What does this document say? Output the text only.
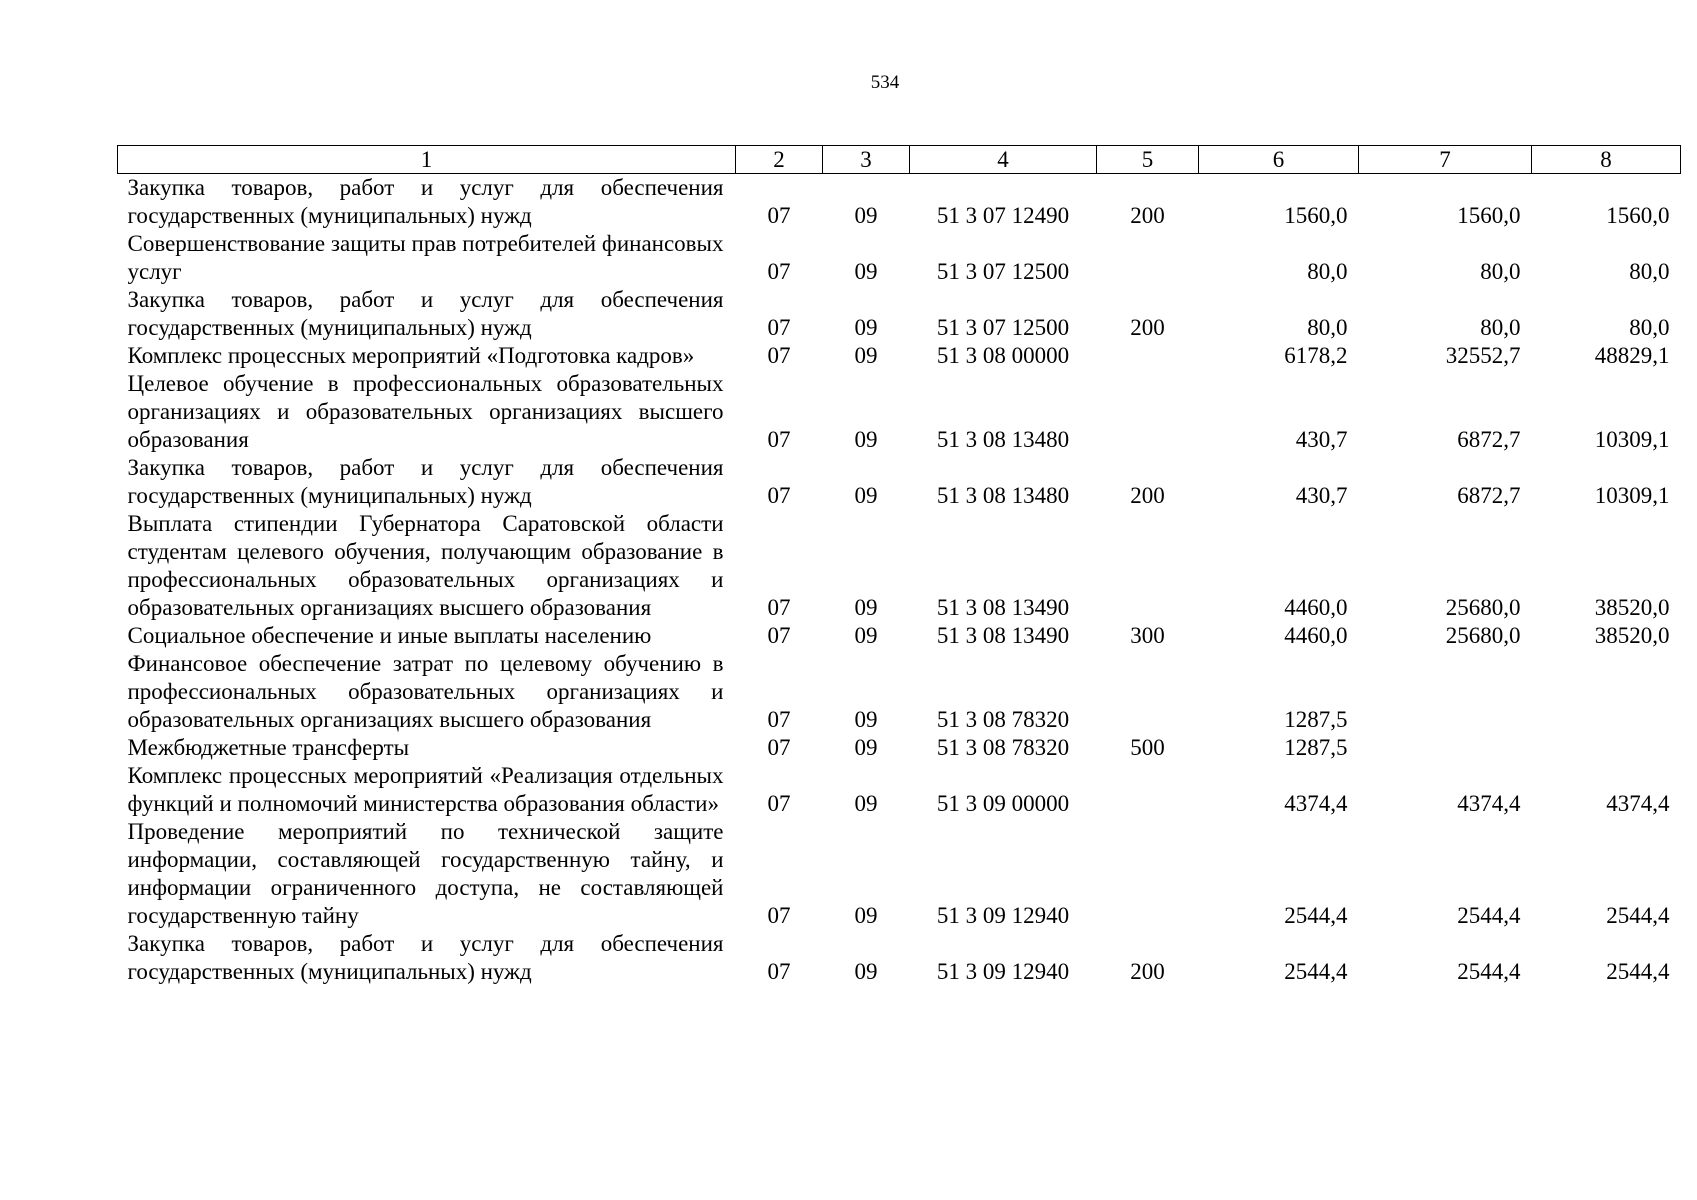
534
1	2	3	4	5	6	7	8
Закупка товаров, работ и услуг для обеспечения государственных (муниципальных) нужд	07	09	51 3 07 12490	200	1560,0	1560,0	1560,0
Совершенствование защиты прав потребителей финансовых услуг	07	09	51 3 07 12500		80,0	80,0	80,0
Закупка товаров, работ и услуг для обеспечения государственных (муниципальных) нужд	07	09	51 3 07 12500	200	80,0	80,0	80,0
Комплекс процессных мероприятий «Подготовка кадров»	07	09	51 3 08 00000		6178,2	32552,7	48829,1
Целевое обучение в профессиональных образовательных организациях и образовательных организациях высшего образования	07	09	51 3 08 13480		430,7	6872,7	10309,1
Закупка товаров, работ и услуг для обеспечения государственных (муниципальных) нужд	07	09	51 3 08 13480	200	430,7	6872,7	10309,1
Выплата стипендии Губернатора Саратовской области студентам целевого обучения, получающим образование в профессиональных образовательных организациях и образовательных организациях высшего образования	07	09	51 3 08 13490		4460,0	25680,0	38520,0
Социальное обеспечение и иные выплаты населению	07	09	51 3 08 13490	300	4460,0	25680,0	38520,0
Финансовое обеспечение затрат по целевому обучению в профессиональных образовательных организациях и образовательных организациях высшего образования	07	09	51 3 08 78320		1287,5		
Межбюджетные трансферты	07	09	51 3 08 78320	500	1287,5		
Комплекс процессных мероприятий «Реализация отдельных функций и полномочий министерства образования области»	07	09	51 3 09 00000		4374,4	4374,4	4374,4
Проведение мероприятий по технической защите информации, составляющей государственную тайну, и информации ограниченного доступа, не составляющей государственную тайну	07	09	51 3 09 12940		2544,4	2544,4	2544,4
Закупка товаров, работ и услуг для обеспечения государственных (муниципальных) нужд	07	09	51 3 09 12940	200	2544,4	2544,4	2544,4
